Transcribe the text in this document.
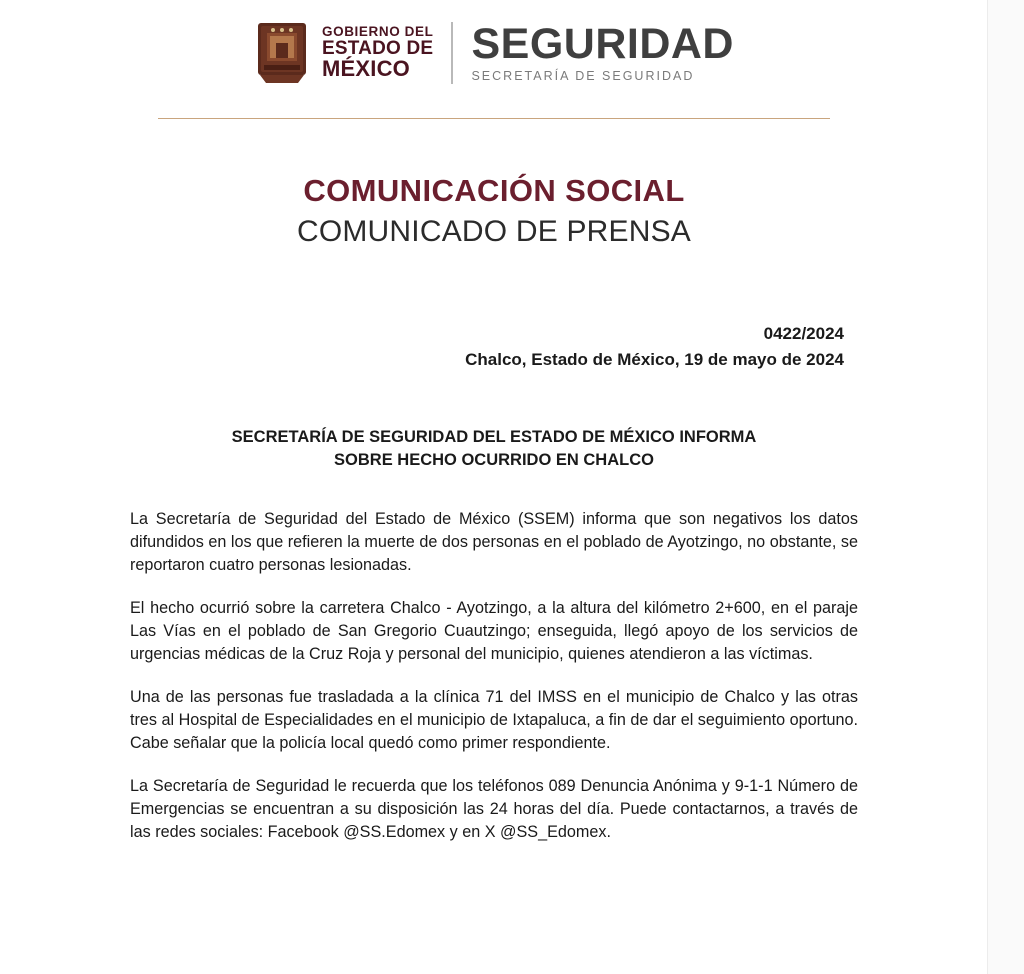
GOBIERNO DEL
ESTADO DE
MÉXICO
SEGURIDAD
SECRETARÍA DE SEGURIDAD
COMUNICACIÓN SOCIAL
COMUNICADO DE PRENSA
0422/2024
Chalco, Estado de México, 19 de mayo de 2024
SECRETARÍA DE SEGURIDAD DEL ESTADO DE MÉXICO INFORMA
SOBRE HECHO OCURRIDO EN CHALCO

La Secretaría de Seguridad del Estado de México (SSEM) informa que son negativos los datos difundidos en los que refieren la muerte de dos personas en el poblado de Ayotzingo, no obstante, se reportaron cuatro personas lesionadas.

El hecho ocurrió sobre la carretera Chalco - Ayotzingo, a la altura del kilómetro 2+600, en el paraje Las Vías en el poblado de San Gregorio Cuautzingo; enseguida, llegó apoyo de los servicios de urgencias médicas de la Cruz Roja y personal del municipio, quienes atendieron a las víctimas.

Una de las personas fue trasladada a la clínica 71 del IMSS en el municipio de Chalco y las otras tres al Hospital de Especialidades en el municipio de Ixtapaluca, a fin de dar el seguimiento oportuno. Cabe señalar que la policía local quedó como primer respondiente.

La Secretaría de Seguridad le recuerda que los teléfonos 089 Denuncia Anónima y 9-1-1 Número de Emergencias se encuentran a su disposición las 24 horas del día. Puede contactarnos, a través de las redes sociales: Facebook @SS.Edomex y en X @SS_Edomex.
